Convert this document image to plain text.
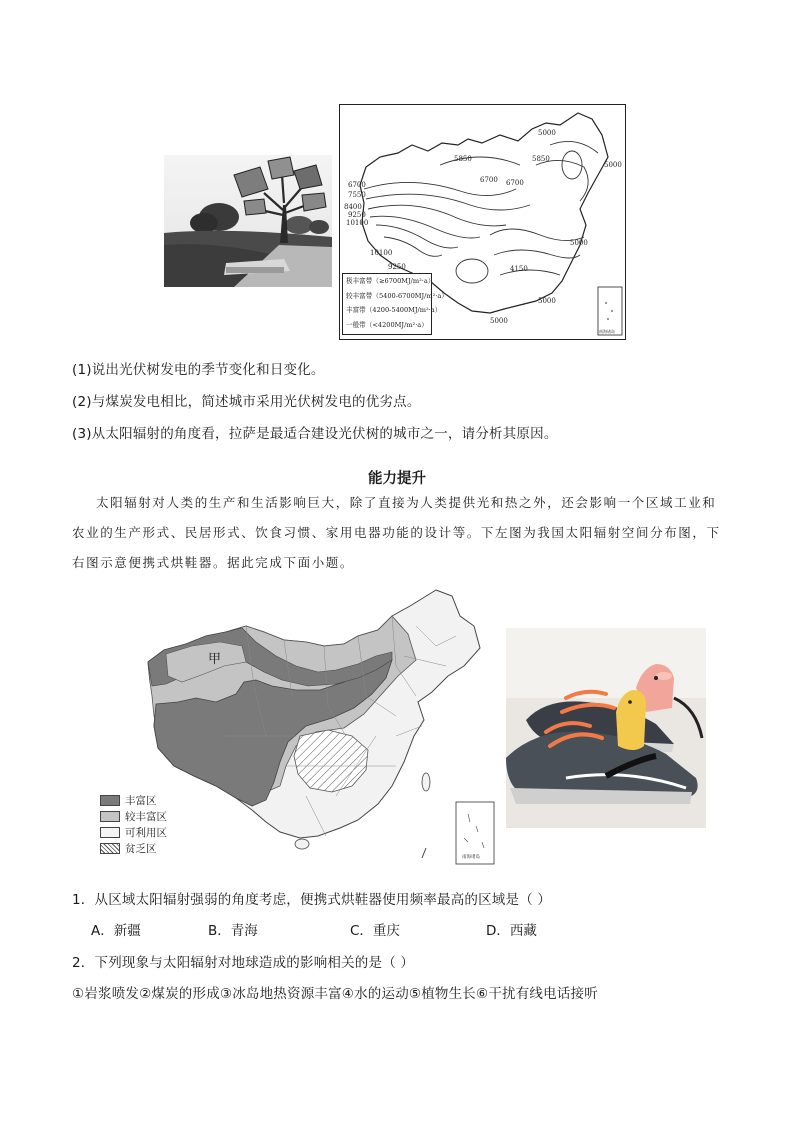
5000
5850
6700
5850
6700
5000
6700
7550
8400
9250
10100
10100
9250
5000
4150
5000
5000
极丰富带（≥6700MJ/m²·a）
较丰富带（5400-6700MJ/m²·a）
丰富带（4200-5400MJ/m²·a）
一般带（<4200MJ/m²·a）
南海诸岛
(1)说出光伏树发电的季节变化和日变化。
(2)与煤炭发电相比，简述城市采用光伏树发电的优劣点。
(3)从太阳辐射的角度看，拉萨是最适合建设光伏树的城市之一，请分析其原因。
能力提升
太阳辐射对人类的生产和生活影响巨大，除了直接为人类提供光和热之外，还会影响一个区域工业和
农业的生产形式、民居形式、饮食习惯、家用电器功能的设计等。下左图为我国太阳辐射空间分布图，下
右图示意便携式烘鞋器。据此完成下面小题。
甲
南海诸岛
丰富区
较丰富区
可利用区
贫乏区
1．从区域太阳辐射强弱的角度考虑，便携式烘鞋器使用频率最高的区域是（ ）
A．新疆	B．青海	C．重庆	D．西藏
2．下列现象与太阳辐射对地球造成的影响相关的是（ ）
①岩浆喷发②煤炭的形成③冰岛地热资源丰富④水的运动⑤植物生长⑥干扰有线电话接听
